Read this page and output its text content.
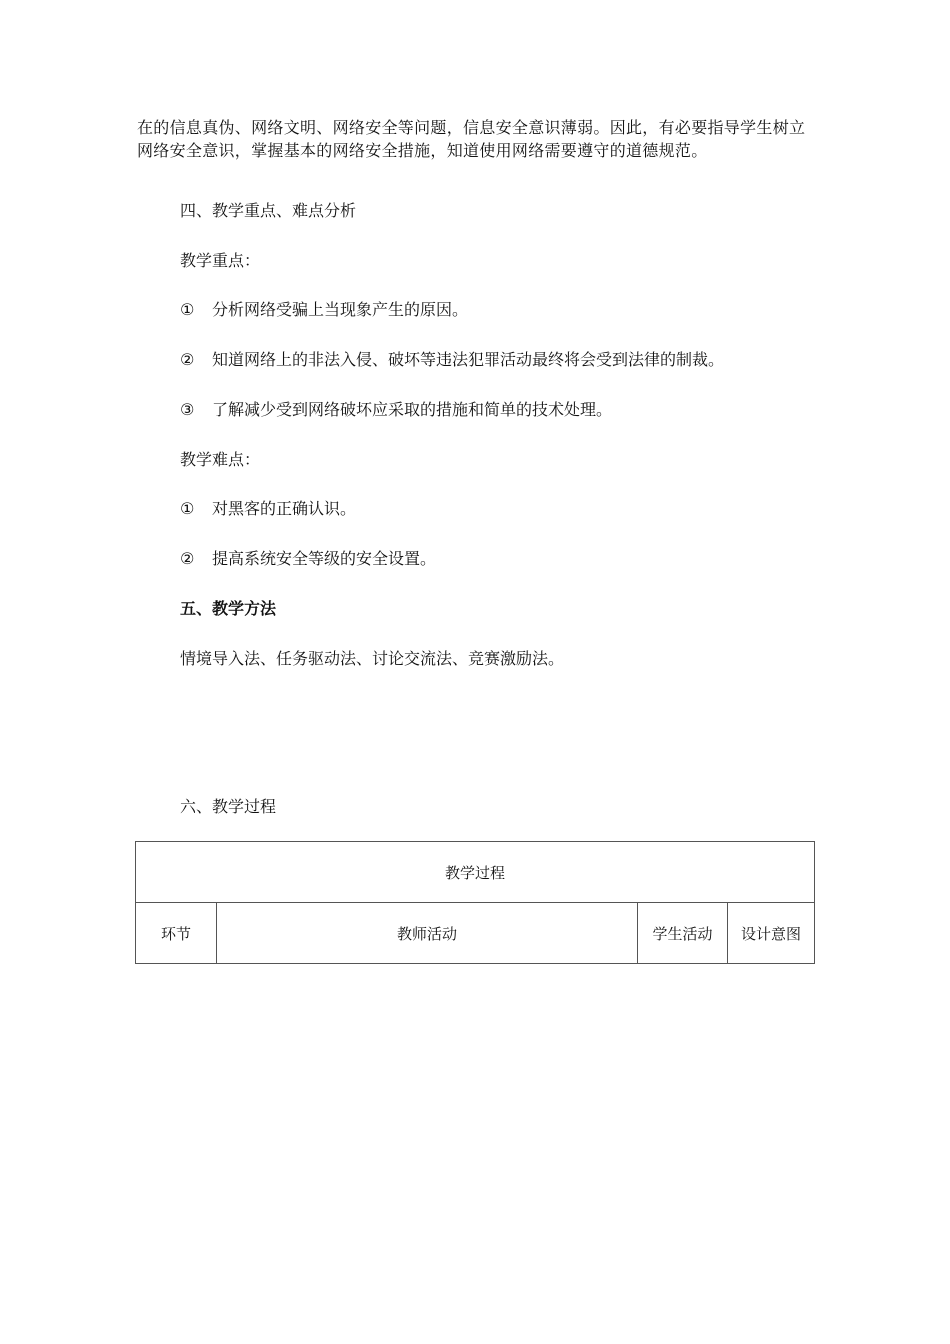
在的信息真伪、网络文明、网络安全等问题，信息安全意识薄弱。因此，有必要指导学生树立网络安全意识，掌握基本的网络安全措施，知道使用网络需要遵守的道德规范。

四、教学重点、难点分析
教学重点：
① 分析网络受骗上当现象产生的原因。
② 知道网络上的非法入侵、破坏等违法犯罪活动最终将会受到法律的制裁。
③ 了解减少受到网络破坏应采取的措施和简单的技术处理。
教学难点：
① 对黑客的正确认识。
② 提高系统安全等级的安全设置。
五、教学方法
情境导入法、任务驱动法、讨论交流法、竞赛激励法。
六、教学过程
教学过程
环节	教师活动	学生活动	设计意图
